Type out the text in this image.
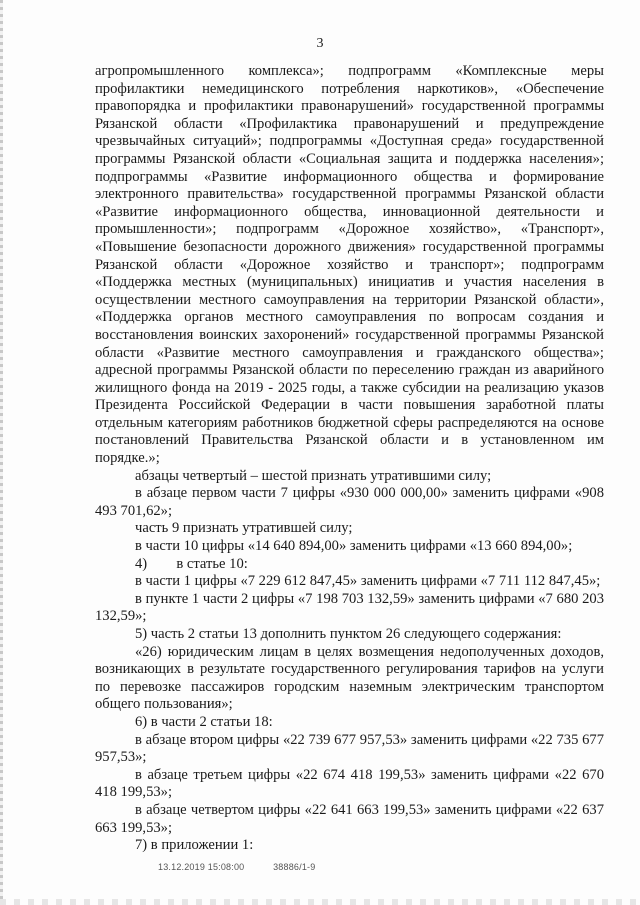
3

агропромышленного комплекса»; подпрограмм «Комплексные меры профилактики немедицинского потребления наркотиков», «Обеспечение правопорядка и профилактики правонарушений» государственной программы Рязанской области «Профилактика правонарушений и предупреждение чрезвычайных ситуаций»; подпрограммы «Доступная среда» государственной программы Рязанской области «Социальная защита и поддержка населения»; подпрограммы «Развитие информационного общества и формирование электронного правительства» государственной программы Рязанской области «Развитие информационного общества, инновационной деятельности и промышленности»; подпрограмм «Дорожное хозяйство», «Транспорт», «Повышение безопасности дорожного движения» государственной программы Рязанской области «Дорожное хозяйство и транспорт»; подпрограмм «Поддержка местных (муниципальных) инициатив и участия населения в осуществлении местного самоуправления на территории Рязанской области», «Поддержка органов местного самоуправления по вопросам создания и восстановления воинских захоронений» государственной программы Рязанской области «Развитие местного самоуправления и гражданского общества»; адресной программы Рязанской области по переселению граждан из аварийного жилищного фонда на 2019 - 2025 годы, а также субсидии на реализацию указов Президента Российской Федерации в части повышения заработной платы отдельным категориям работников бюджетной сферы распределяются на основе постановлений Правительства Рязанской области и в установленном им порядке.»;

абзацы четвертый – шестой признать утратившими силу;

в абзаце первом части 7 цифры «930 000 000,00» заменить цифрами «908 493 701,62»;

часть 9 признать утратившей силу;

в части 10 цифры «14 640 894,00» заменить цифрами «13 660 894,00»;

4)  в статье 10:

в части 1 цифры «7 229 612 847,45» заменить цифрами «7 711 112 847,45»;

в пункте 1 части 2 цифры «7 198 703 132,59» заменить цифрами «7 680 203 132,59»;

5) часть 2 статьи 13 дополнить пунктом 26 следующего содержания:

«26) юридическим лицам в целях возмещения недополученных доходов, возникающих в результате государственного регулирования тарифов на услуги по перевозке пассажиров городским наземным электрическим транспортом общего пользования»;

6) в части 2 статьи 18:

в абзаце втором цифры «22 739 677 957,53» заменить цифрами «22 735 677 957,53»;

в абзаце третьем цифры «22 674 418 199,53» заменить цифрами «22 670 418 199,53»;

в абзаце четвертом цифры «22 641 663 199,53» заменить цифрами «22 637 663 199,53»;

7) в приложении 1:

13.12.2019 15:08:00	38886/1-9
